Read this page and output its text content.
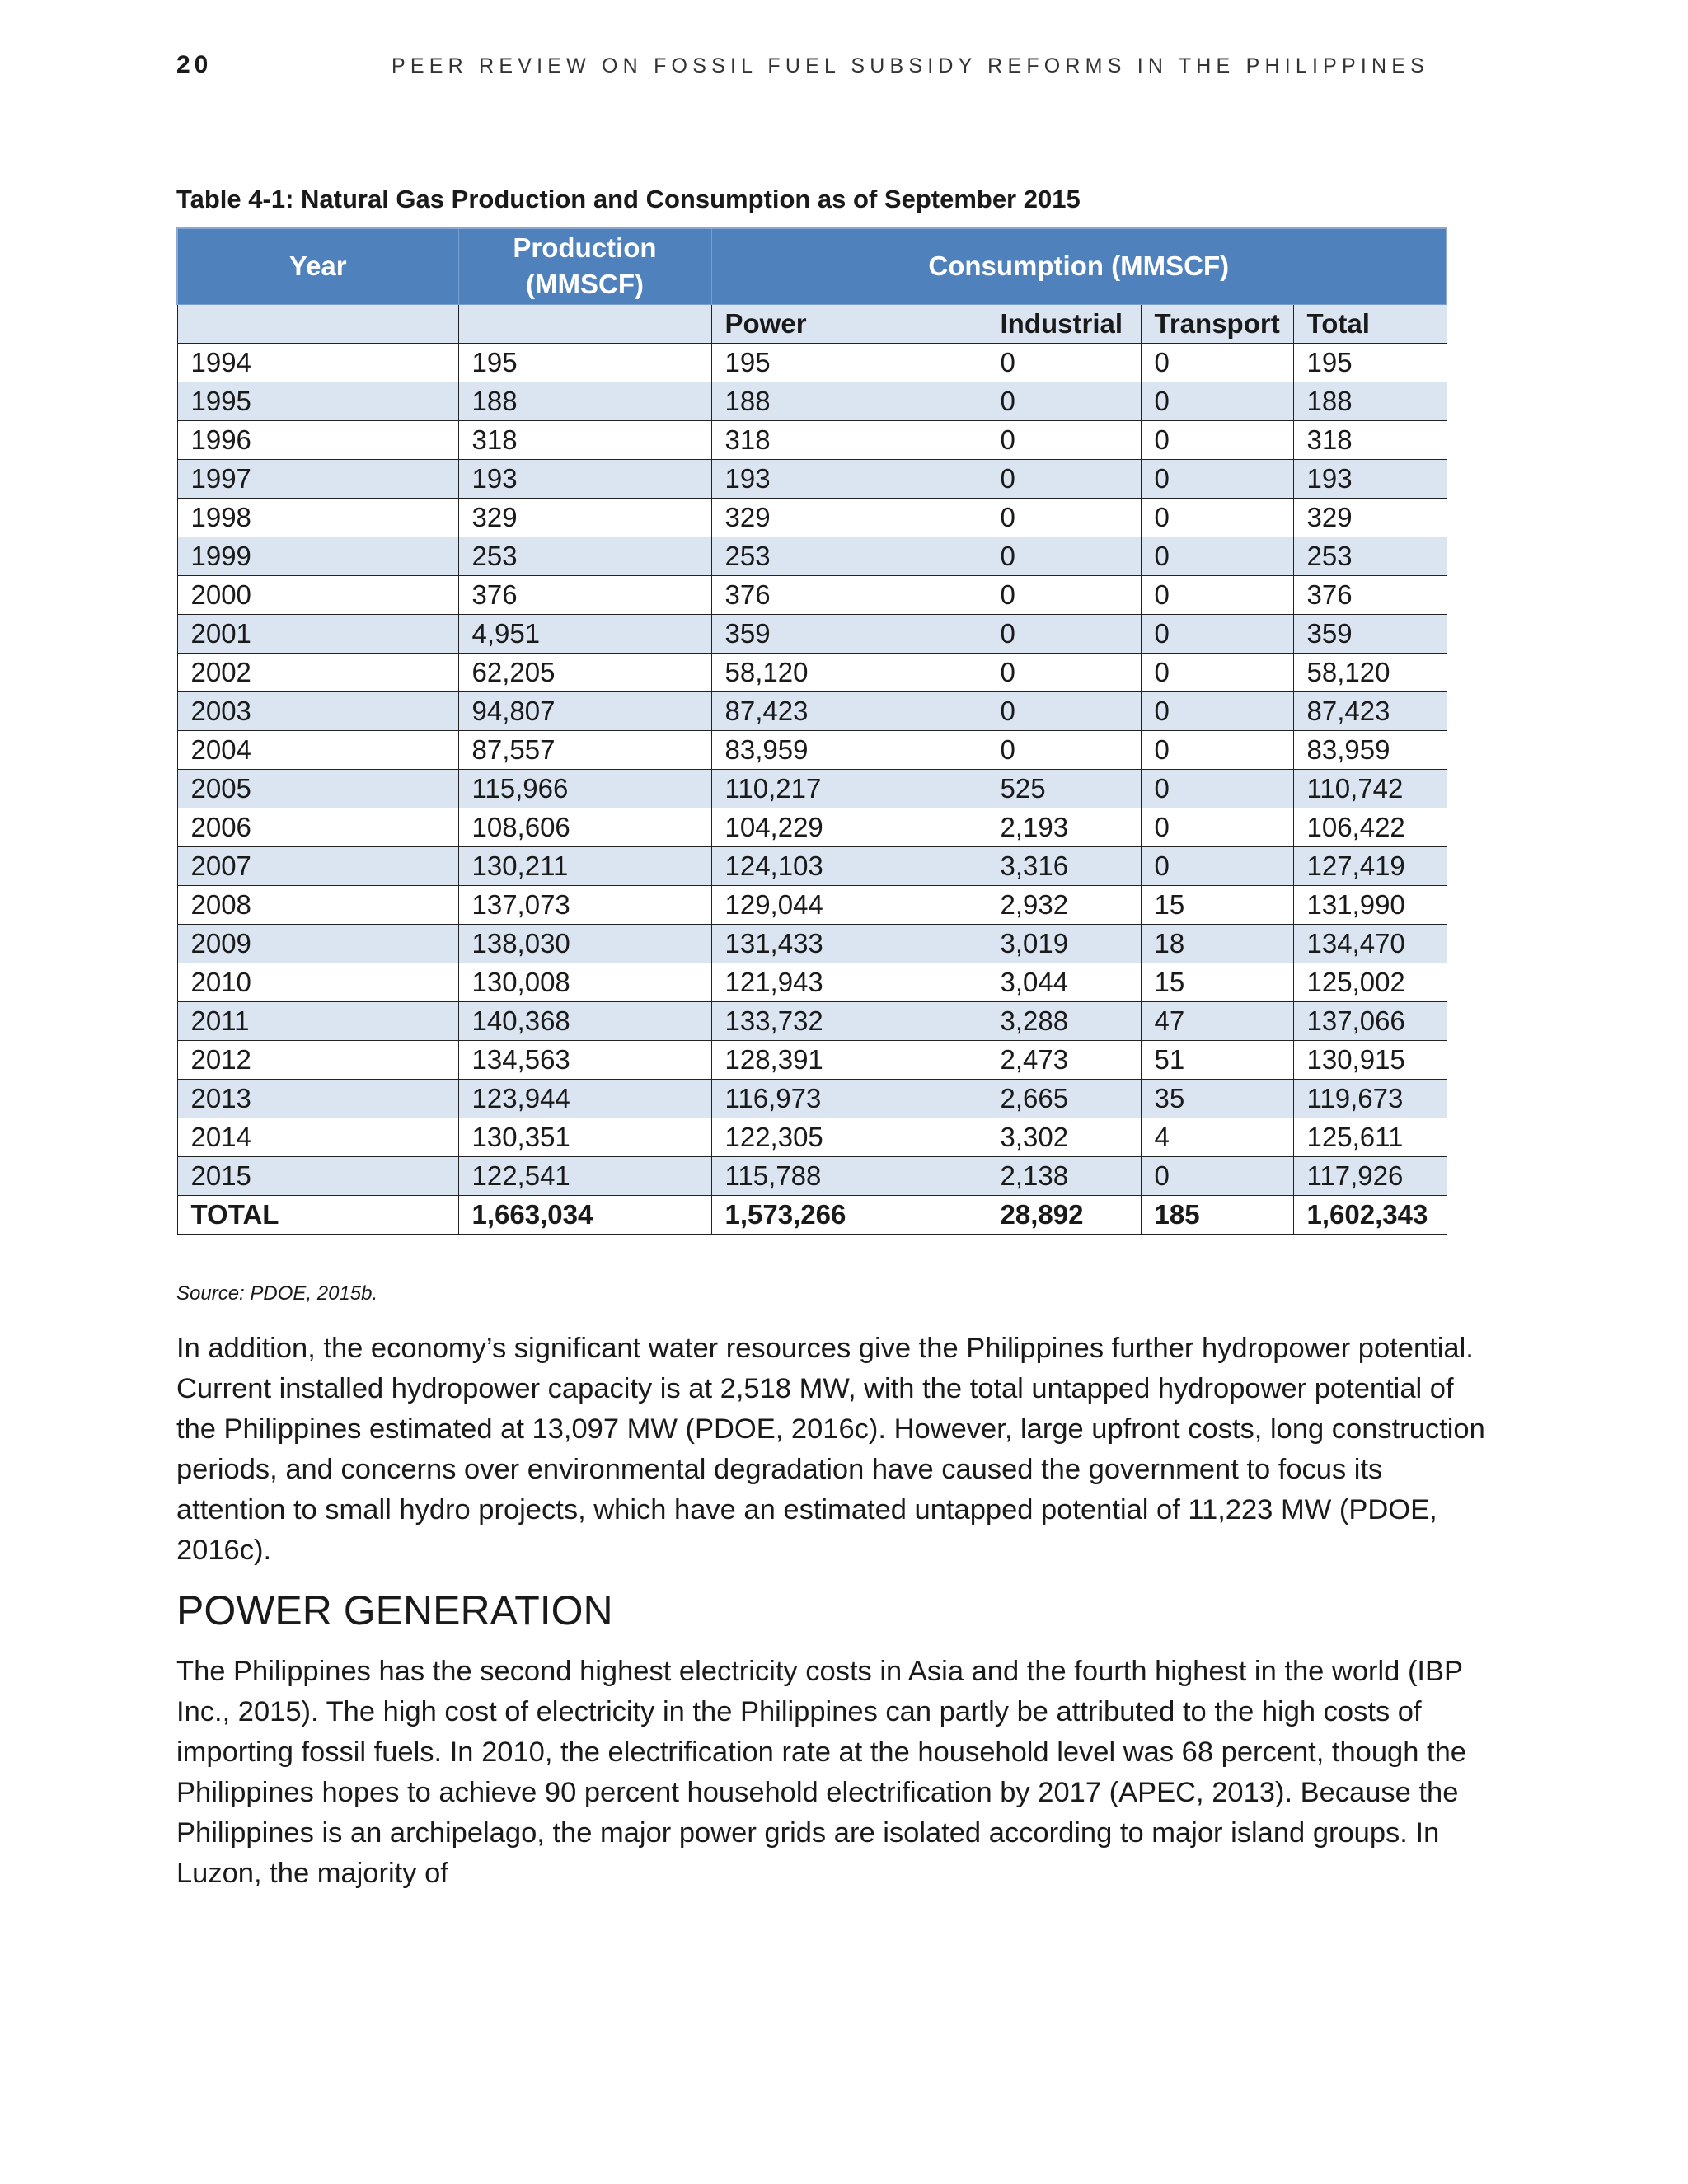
20	PEER REVIEW ON FOSSIL FUEL SUBSIDY REFORMS IN THE PHILIPPINES
Table 4-1: Natural Gas Production and Consumption as of September 2015
Year	Production (MMSCF)	Consumption (MMSCF)			
		Power	Industrial	Transport	Total
1994	195	195	0	0	195
1995	188	188	0	0	188
1996	318	318	0	0	318
1997	193	193	0	0	193
1998	329	329	0	0	329
1999	253	253	0	0	253
2000	376	376	0	0	376
2001	4,951	359	0	0	359
2002	62,205	58,120	0	0	58,120
2003	94,807	87,423	0	0	87,423
2004	87,557	83,959	0	0	83,959
2005	115,966	110,217	525	0	110,742
2006	108,606	104,229	2,193	0	106,422
2007	130,211	124,103	3,316	0	127,419
2008	137,073	129,044	2,932	15	131,990
2009	138,030	131,433	3,019	18	134,470
2010	130,008	121,943	3,044	15	125,002
2011	140,368	133,732	3,288	47	137,066
2012	134,563	128,391	2,473	51	130,915
2013	123,944	116,973	2,665	35	119,673
2014	130,351	122,305	3,302	4	125,611
2015	122,541	115,788	2,138	0	117,926
TOTAL	1,663,034	1,573,266	28,892	185	1,602,343
Source: PDOE, 2015b.

In addition, the economy’s significant water resources give the Philippines further hydropower potential. Current installed hydropower capacity is at 2,518 MW, with the total untapped hydropower potential of the Philippines estimated at 13,097 MW (PDOE, 2016c). However, large upfront costs, long construction periods, and concerns over environmental degradation have caused the government to focus its attention to small hydro projects, which have an estimated untapped potential of 11,223 MW (PDOE, 2016c).

POWER GENERATION

The Philippines has the second highest electricity costs in Asia and the fourth highest in the world (IBP Inc., 2015). The high cost of electricity in the Philippines can partly be attributed to the high costs of importing fossil fuels. In 2010, the electrification rate at the household level was 68 percent, though the Philippines hopes to achieve 90 percent household electrification by 2017 (APEC, 2013). Because the Philippines is an archipelago, the major power grids are isolated according to major island groups. In Luzon, the majority of
